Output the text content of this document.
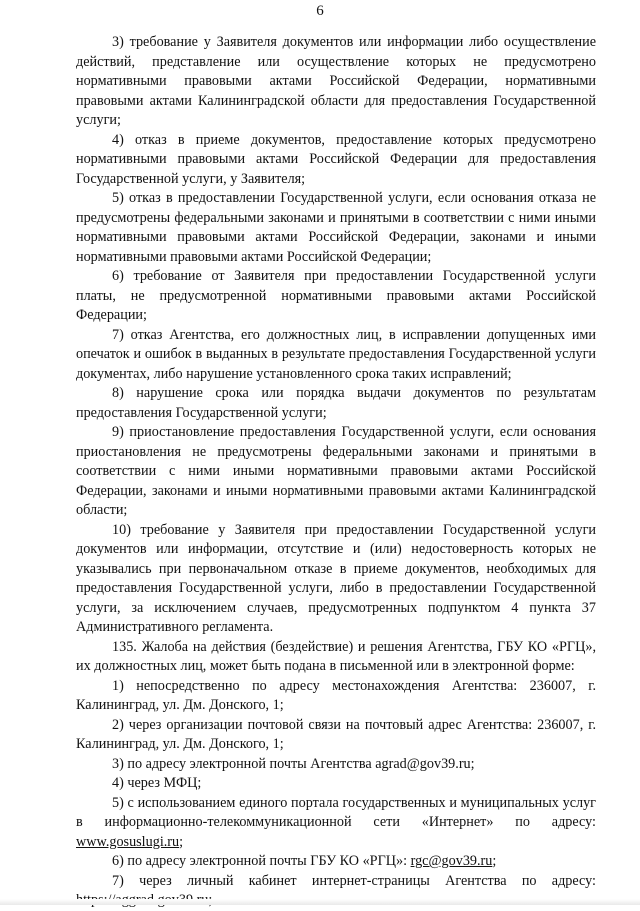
6

3) требование у Заявителя документов или информации либо осуществление действий, представление или осуществление которых не предусмотрено нормативными правовыми актами Российской Федерации, нормативными правовыми актами Калининградской области для предоставления Государственной услуги;

4) отказ в приеме документов, предоставление которых предусмотрено нормативными правовыми актами Российской Федерации для предоставления Государственной услуги, у Заявителя;

5) отказ в предоставлении Государственной услуги, если основания отказа не предусмотрены федеральными законами и принятыми в соответствии с ними иными нормативными правовыми актами Российской Федерации, законами и иными нормативными правовыми актами Российской Федерации;

6) требование от Заявителя при предоставлении Государственной услуги платы, не предусмотренной нормативными правовыми актами Российской Федерации;

7) отказ Агентства, его должностных лиц, в исправлении допущенных ими опечаток и ошибок в выданных в результате предоставления Государственной услуги документах, либо нарушение установленного срока таких исправлений;

8) нарушение срока или порядка выдачи документов по результатам предоставления Государственной услуги;

9) приостановление предоставления Государственной услуги, если основания приостановления не предусмотрены федеральными законами и принятыми в соответствии с ними иными нормативными правовыми актами Российской Федерации, законами и иными нормативными правовыми актами Калининградской области;

10) требование у Заявителя при предоставлении Государственной услуги документов или информации, отсутствие и (или) недостоверность которых не указывались при первоначальном отказе в приеме документов, необходимых для предоставления Государственной услуги, либо в предоставлении Государственной услуги, за исключением случаев, предусмотренных подпунктом 4 пункта 37 Административного регламента.

135. Жалоба на действия (бездействие) и решения Агентства, ГБУ КО «РГЦ», их должностных лиц, может быть подана в письменной или в электронной форме:

1) непосредственно по адресу местонахождения Агентства: 236007, г. Калининград, ул. Дм. Донского, 1;

2) через организации почтовой связи на почтовый адрес Агентства: 236007, г. Калининград, ул. Дм. Донского, 1;

3) по адресу электронной почты Агентства agrad@gov39.ru;

4) через МФЦ;

5) с использованием единого портала государственных и муниципальных услуг в информационно-телекоммуникационной сети «Интернет» по адресу: www.gosuslugi.ru;

6) по адресу электронной почты ГБУ КО «РГЦ»: rgc@gov39.ru;

7) через личный кабинет интернет-страницы Агентства по адресу:
